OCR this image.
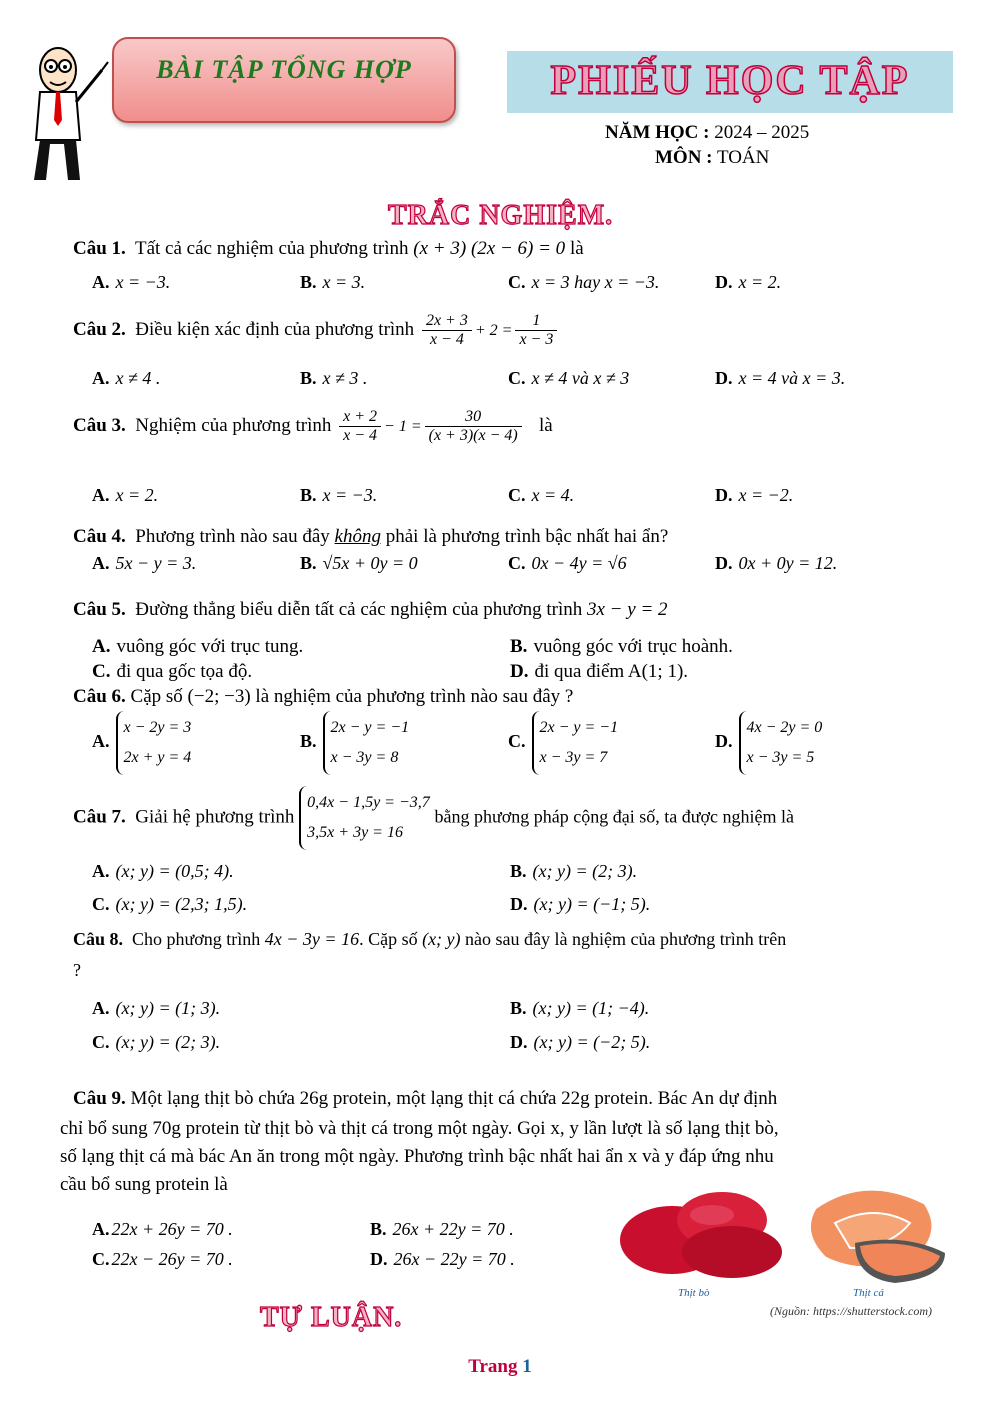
BÀI TẬP TỔNG HỢP	PHIẾU HỌC TẬP
NĂM HỌC : 2024 – 2025
MÔN : TOÁN
TRẮC NGHIỆM.
Câu 1. Tất cả các nghiệm của phương trình (x + 3) (2x − 6) = 0 là
A. x = −3.	B. x = 3.	C. x = 3 hay x = −3.	D. x = 2.
Câu 2. Điều kiện xác định của phương trình $\frac{2x + 3}{x - 4} + 2 = \frac{1}{x - 3}$
A. x ≠ 4 .	B. x ≠ 3 .	C. x ≠ 4 và x ≠ 3	D. x = 4 và x = 3.
Câu 3. Nghiệm của phương trình $\frac{x + 2}{x - 4} - 1 = \frac{30}{(x + 3)(x - 4)}$ là
A. x = 2.	B. x = −3.	C. x = 4.	D. x = −2.
Câu 4. Phương trình nào sau đây không phải là phương trình bậc nhất hai ẩn?
A. 5x − y = 3.	B. √5x + 0y = 0	C. 0x − 4y = √6	D. 0x + 0y = 12.
Câu 5. Đường thẳng biểu diễn tất cả các nghiệm của phương trình 3x − y = 2
A. vuông góc với trục tung.	B. vuông góc với trục hoành.
C. đi qua gốc tọa độ.	D. đi qua điểm A(1; 1).
Câu 6. Cặp số (−2; −3) là nghiệm của phương trình nào sau đây ?
A.x − 2y = 3
2x + y = 4
B.2x − y = −1
x − 3y = 8
C.2x − y = −1
x − 3y = 7
D.4x − 2y = 0
x − 3y = 5
Câu 7. Giải hệ phương trình 0,4x − 1,5y = −3,7
3,5x + 3y = 16 bằng phương pháp cộng đại số, ta được nghiệm là
A. (x; y) = (0,5; 4).	B. (x; y) = (2; 3).
C. (x; y) = (2,3; 1,5).	D. (x; y) = (−1; 5).
Câu 8. Cho phương trình 4x − 3y = 16. Cặp số (x; y) nào sau đây là nghiệm của phương trình trên
?
A. (x; y) = (1; 3).	B. (x; y) = (1; −4).
C. (x; y) = (2; 3).	D. (x; y) = (−2; 5).
Câu 9. Một lạng thịt bò chứa 26g protein, một lạng thịt cá chứa 22g protein. Bác An dự định
chỉ bổ sung 70g protein từ thịt bò và thịt cá trong một ngày. Gọi x, y lần lượt là số lạng thịt bò,
số lạng thịt cá mà bác An ăn trong một ngày. Phương trình bậc nhất hai ẩn x và y đáp ứng nhu
cầu bổ sung protein là
A. 22x + 26y = 70 .	B. 26x + 22y = 70 .
C. 22x − 26y = 70 .	D. 26x − 22y = 70 .
Thịt bò	Thịt cá
(Nguồn: https://shutterstock.com)
TỰ LUẬN.
Trang 1
